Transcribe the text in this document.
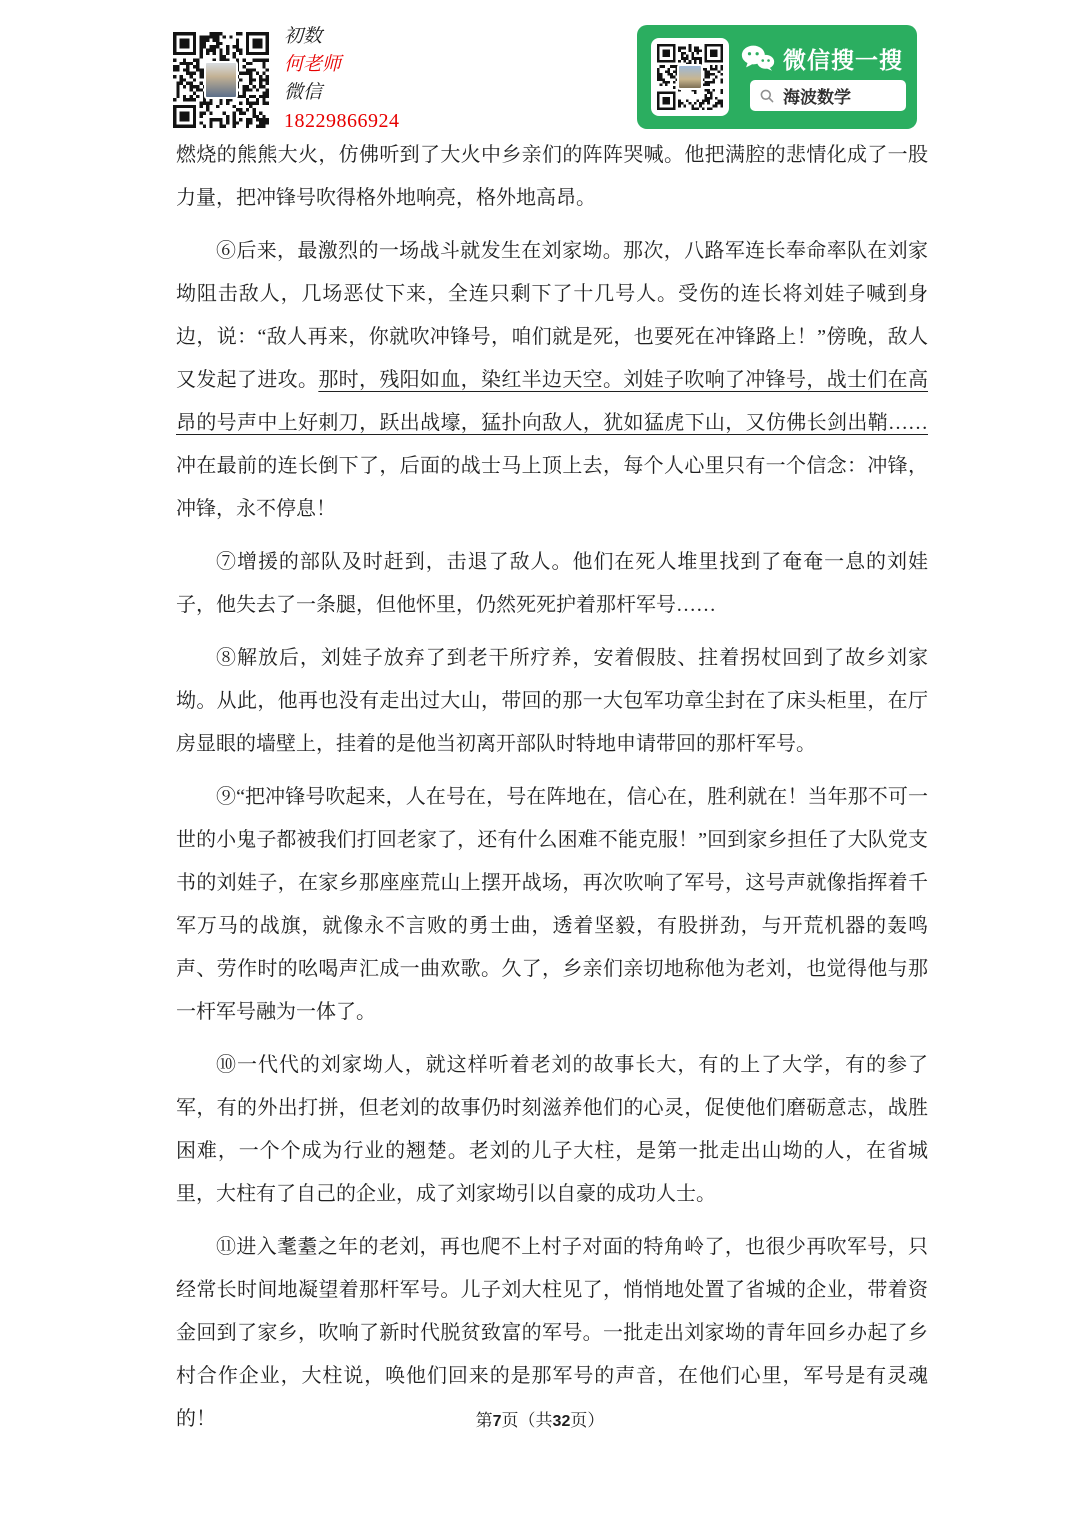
初数
何老师
微信
18229866924
微信搜一搜
海波数学

燃烧的熊熊大火，仿佛听到了大火中乡亲们的阵阵哭喊。他把满腔的悲情化成了一股力量，把冲锋号吹得格外地响亮，格外地高昂。

⑥后来，最激烈的一场战斗就发生在刘家坳。那次，八路军连长奉命率队在刘家坳阻击敌人，几场恶仗下来，全连只剩下了十几号人。受伤的连长将刘娃子喊到身边，说：“敌人再来，你就吹冲锋号，咱们就是死，也要死在冲锋路上！”傍晚，敌人又发起了进攻。那时，残阳如血，染红半边天空。刘娃子吹响了冲锋号，战士们在高昂的号声中上好刺刀，跃出战壕，猛扑向敌人，犹如猛虎下山，又仿佛长剑出鞘……冲在最前的连长倒下了，后面的战士马上顶上去，每个人心里只有一个信念：冲锋，冲锋，永不停息！

⑦增援的部队及时赶到，击退了敌人。他们在死人堆里找到了奄奄一息的刘娃子，他失去了一条腿，但他怀里，仍然死死护着那杆军号……

⑧解放后，刘娃子放弃了到老干所疗养，安着假肢、拄着拐杖回到了故乡刘家坳。从此，他再也没有走出过大山，带回的那一大包军功章尘封在了床头柜里，在厅房显眼的墙壁上，挂着的是他当初离开部队时特地申请带回的那杆军号。

⑨“把冲锋号吹起来，人在号在，号在阵地在，信心在，胜利就在！当年那不可一世的小鬼子都被我们打回老家了，还有什么困难不能克服！”回到家乡担任了大队党支书的刘娃子，在家乡那座座荒山上摆开战场，再次吹响了军号，这号声就像指挥着千军万马的战旗，就像永不言败的勇士曲，透着坚毅，有股拼劲，与开荒机器的轰鸣声、劳作时的吆喝声汇成一曲欢歌。久了，乡亲们亲切地称他为老刘，也觉得他与那一杆军号融为一体了。

⑩一代代的刘家坳人，就这样听着老刘的故事长大，有的上了大学，有的参了军，有的外出打拼，但老刘的故事仍时刻滋养他们的心灵，促使他们磨砺意志，战胜困难，一个个成为行业的翘楚。老刘的儿子大柱，是第一批走出山坳的人，在省城里，大柱有了自己的企业，成了刘家坳引以自豪的成功人士。

⑪进入耄耋之年的老刘，再也爬不上村子对面的特角岭了，也很少再吹军号，只经常长时间地凝望着那杆军号。儿子刘大柱见了，悄悄地处置了省城的企业，带着资金回到了家乡，吹响了新时代脱贫致富的军号。一批走出刘家坳的青年回乡办起了乡村合作企业，大柱说，唤他们回来的是那军号的声音，在他们心里，军号是有灵魂的！	第7页（共32页）
